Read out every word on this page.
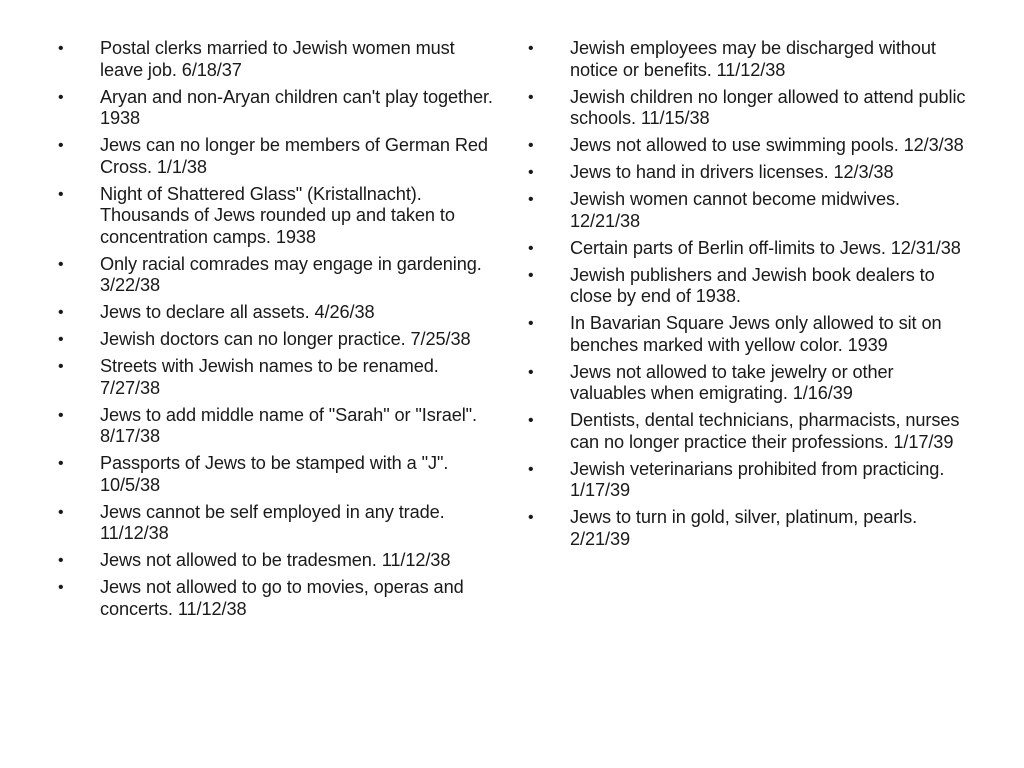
•	Postal clerks married to Jewish women must leave job. 6/18/37
•	Aryan and non-Aryan children can't play together. 1938
•	Jews can no longer be members of German Red Cross. 1/1/38
•	Night of Shattered Glass" (Kristallnacht). Thousands of Jews rounded up and taken to concentration camps. 1938
•	Only racial comrades may engage in gardening. 3/22/38
•	Jews to declare all assets. 4/26/38
•	Jewish doctors can no longer practice. 7/25/38
•	Streets with Jewish names to be renamed. 7/27/38
•	Jews to add middle name of "Sarah" or "Israel". 8/17/38
•	Passports of Jews to be stamped with a "J". 10/5/38
•	Jews cannot be self employed in any trade. 11/12/38
•	Jews not allowed to be tradesmen. 11/12/38
•	Jews not allowed to go to movies, operas and concerts. 11/12/38
•	Jewish employees may be discharged without notice or benefits. 11/12/38
•	Jewish children no longer allowed to attend public schools. 11/15/38
•	Jews not allowed to use swimming pools. 12/3/38
•	Jews to hand in drivers licenses. 12/3/38
•	Jewish women cannot become midwives. 12/21/38
•	Certain parts of Berlin off-limits to Jews. 12/31/38
•	Jewish publishers and Jewish book dealers to close by end of 1938.
•	In Bavarian Square Jews only allowed to sit on benches marked with yellow color. 1939
•	Jews not allowed to take jewelry or other valuables when emigrating. 1/16/39
•	Dentists, dental technicians, pharmacists, nurses can no longer practice their professions. 1/17/39
•	Jewish veterinarians prohibited from practicing. 1/17/39
•	Jews to turn in gold, silver, platinum, pearls. 2/21/39
